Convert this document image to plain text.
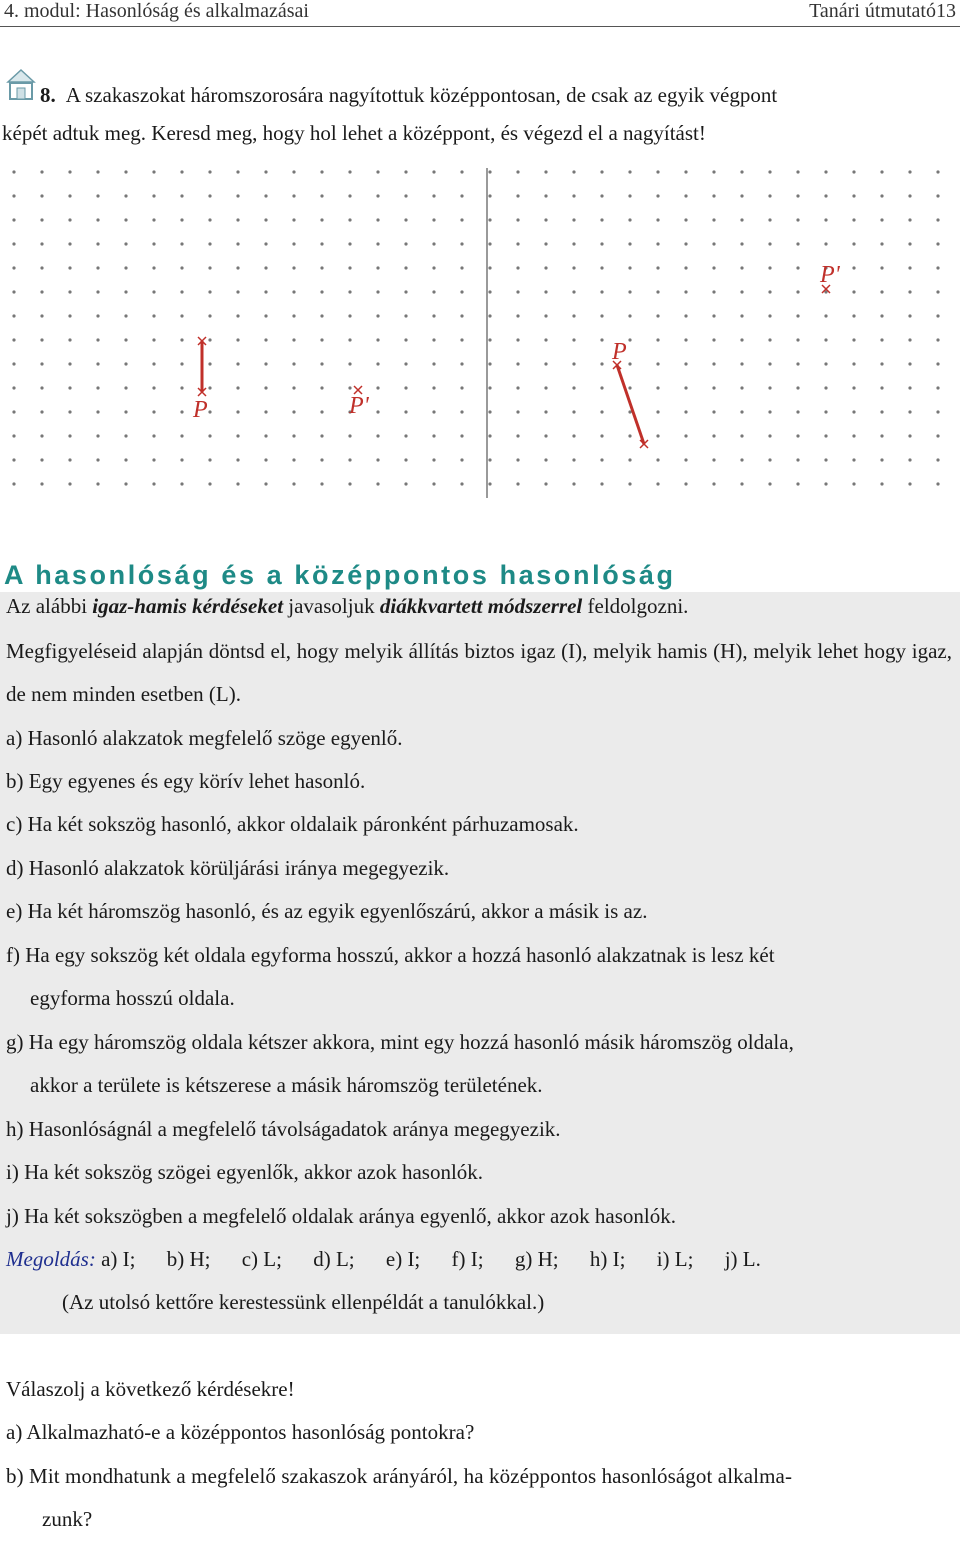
4. modul: Hasonlóság és alkalmazásai	Tanári útmutató 13
8. A szakaszokat háromszorosára nagyítottuk középpontosan, de csak az egyik végpont
képét adtuk meg. Keresd meg, hogy hol lehet a középpont, és végezd el a nagyítást!
P	P'
P
P'
A hasonlóság és a középpontos hasonlóság
Az alábbi igaz-hamis kérdéseket javasoljuk diákkvartett módszerrel feldolgozni.
Megfigyeléseid alapján döntsd el, hogy melyik állítás biztos igaz (I), melyik hamis (H), melyik lehet hogy igaz, de nem minden esetben (L).
a) Hasonló alakzatok megfelelő szöge egyenlő.
b) Egy egyenes és egy körív lehet hasonló.
c) Ha két sokszög hasonló, akkor oldalaik páronként párhuzamosak.
d) Hasonló alakzatok körüljárási iránya megegyezik.
e) Ha két háromszög hasonló, és az egyik egyenlőszárú, akkor a másik is az.
f) Ha egy sokszög két oldala egyforma hosszú, akkor a hozzá hasonló alakzatnak is lesz két
egyforma hosszú oldala.
g) Ha egy háromszög oldala kétszer akkora, mint egy hozzá hasonló másik háromszög oldala,
akkor a területe is kétszerese a másik háromszög területének.
h) Hasonlóságnál a megfelelő távolságadatok aránya megegyezik.
i) Ha két sokszög szögei egyenlők, akkor azok hasonlók.
j) Ha két sokszögben a megfelelő oldalak aránya egyenlő, akkor azok hasonlók.
Megoldás: a) I; b) H; c) L; d) L; e) I; f) I; g) H; h) I; i) L; j) L.
(Az utolsó kettőre kerestessünk ellenpéldát a tanulókkal.)
Válaszolj a következő kérdésekre!
a) Alkalmazható-e a középpontos hasonlóság pontokra?
b) Mit mondhatunk a megfelelő szakaszok arányáról, ha középpontos hasonlóságot alkalma-
zunk?
